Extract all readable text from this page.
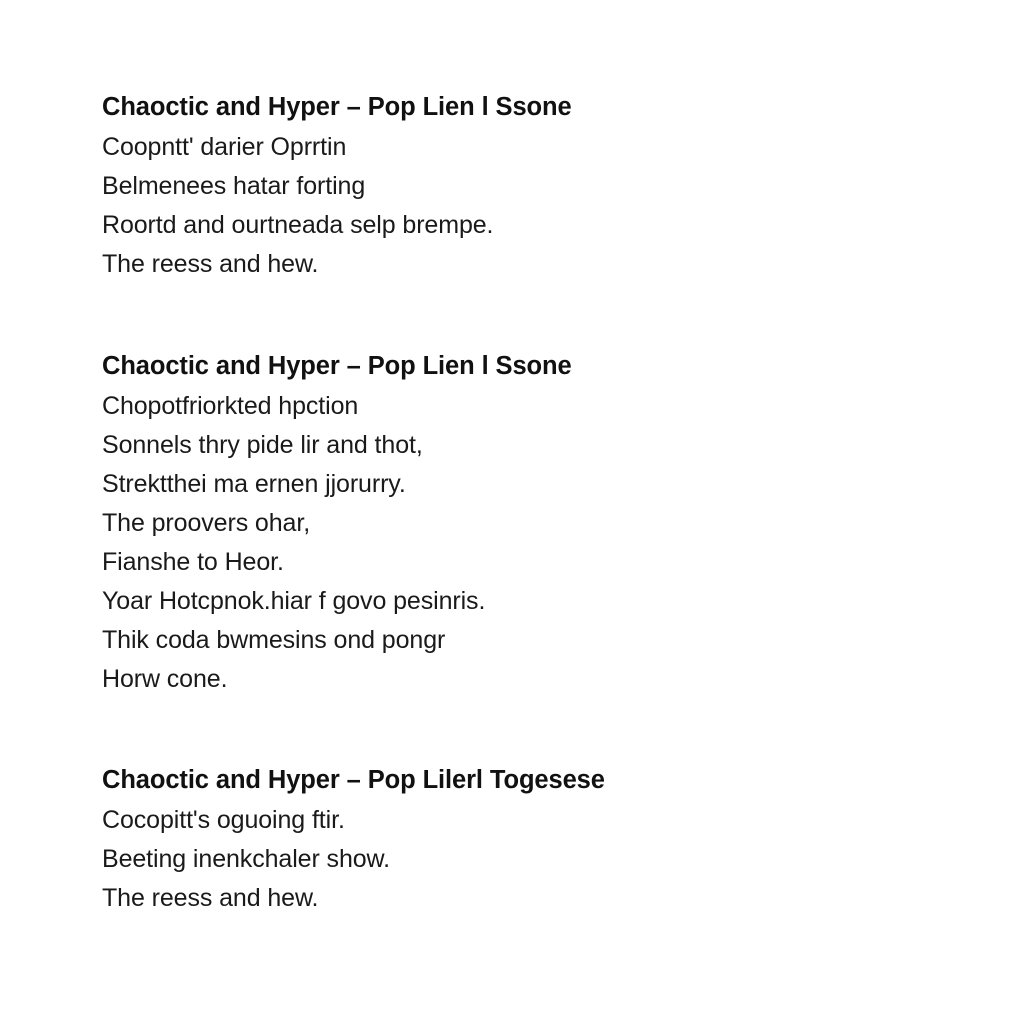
Chaoctic and Hyper – Pop Lien l Ssone
Coopntt' darier Oprrtin
Belmenees hatar forting
Roortd and ourtneada selp brempe.
The reess and hew.
Chaoctic and Hyper – Pop Lien l Ssone
Chopotfriorkted hpction
Sonnels thry pide lir and thot,
Strektthei ma ernen jjorurry.
The proovers ohar,
Fianshe to Heor.
Yoar Hotcpnok.hiar f govo pesinris.
Thik coda bwmesins ond pongr
Horw cone.
Chaoctic and Hyper – Pop Lilerl Togesese
Cocopitt's oguoing ftir.
Beeting inenkchaler show.
The reess and hew.
